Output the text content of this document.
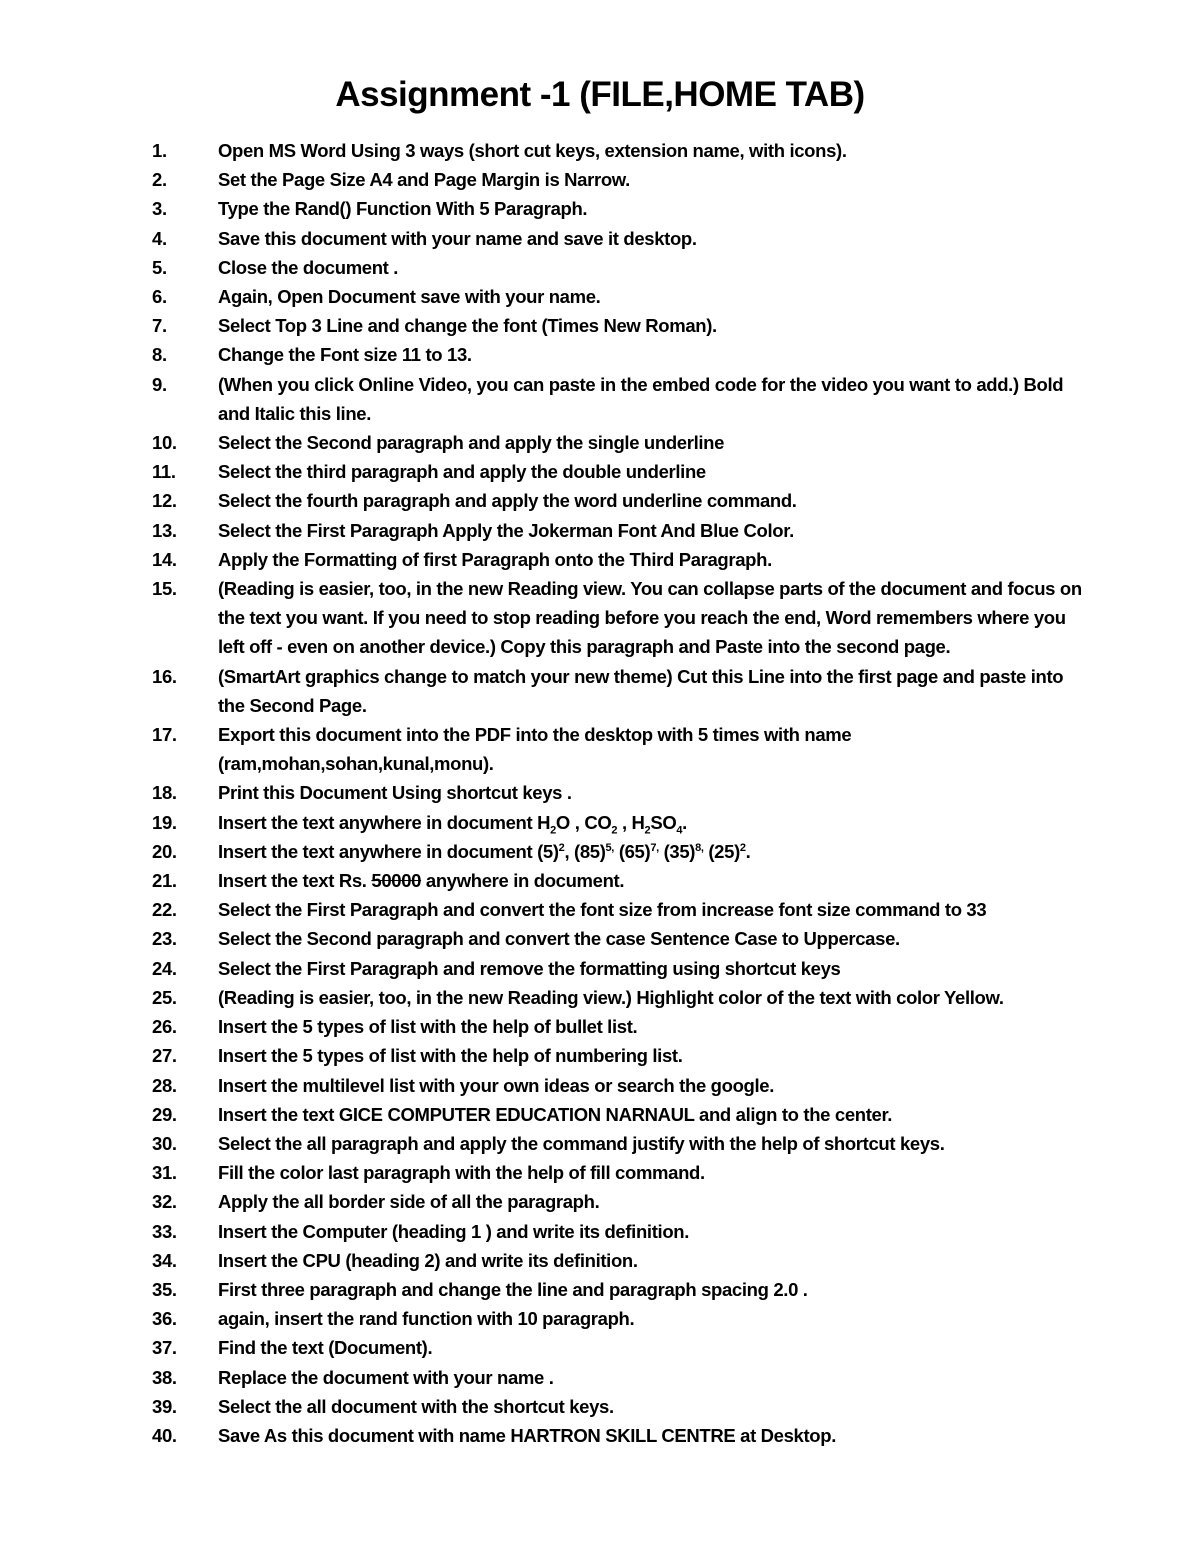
Assignment -1 (FILE,HOME TAB)
1.	Open MS Word Using 3 ways (short cut keys, extension name, with icons).
2.	Set the Page Size A4 and Page Margin is Narrow.
3.	Type the Rand() Function With 5 Paragraph.
4.	Save this document with your name and save it desktop.
5.	Close the document .
6.	Again, Open Document save with your name.
7.	Select Top 3 Line and change the font (Times New Roman).
8.	Change the Font size 11 to 13.
9.	(When you click Online Video, you can paste in the embed code for the video you want to add.) Bold and Italic this line.
10. Select the Second paragraph and apply the single underline
11. Select the third paragraph and apply the double underline
12. Select the fourth paragraph and apply the word underline command.
13. Select the First Paragraph Apply the Jokerman Font And Blue Color.
14. Apply the Formatting of first Paragraph onto the Third Paragraph.
15. (Reading is easier, too, in the new Reading view. You can collapse parts of the document and focus on the text you want. If you need to stop reading before you reach the end, Word remembers where you left off - even on another device.) Copy this paragraph and Paste into the second page.
16. (SmartArt graphics change to match your new theme) Cut this Line into the first page and paste into the Second Page.
17. Export this document into the PDF into the desktop with 5 times with name (ram,mohan,sohan,kunal,monu).
18. Print this Document Using shortcut keys .
19. Insert the text anywhere in document $H_2O$ , $CO_2$ , $H_2SO_4$.
20. Insert the text anywhere in document $(5)^2$, $(85)^{5,}$ $(65)^{7,}$ $(35)^{8,}$ $(25)^2$.
21. Insert the text Rs. 50000 anywhere in document.
22. Select the First Paragraph and convert the font size from increase font size command to 33
23. Select the Second paragraph and convert the case Sentence Case to Uppercase.
24. Select the First Paragraph and remove the formatting using shortcut keys
25. (Reading is easier, too, in the new Reading view.) Highlight color of the text with color Yellow.
26. Insert the 5 types of list with the help of bullet list.
27. Insert the 5 types of list with the help of numbering list.
28. Insert the multilevel list with your own ideas or search the google.
29. Insert the text GICE COMPUTER EDUCATION NARNAUL and align to the center.
30. Select the all paragraph and apply the command justify with the help of shortcut keys.
31. Fill the color last paragraph with the help of fill command.
32. Apply the all border side of all the paragraph.
33. Insert the Computer (heading 1 ) and write its definition.
34. Insert the CPU (heading 2) and write its definition.
35. First three paragraph and change the line and paragraph spacing 2.0 .
36. again, insert the rand function with 10 paragraph.
37. Find the text (Document).
38. Replace the document with your name .
39. Select the all document with the shortcut keys.
40. Save As this document with name HARTRON SKILL CENTRE at Desktop.
